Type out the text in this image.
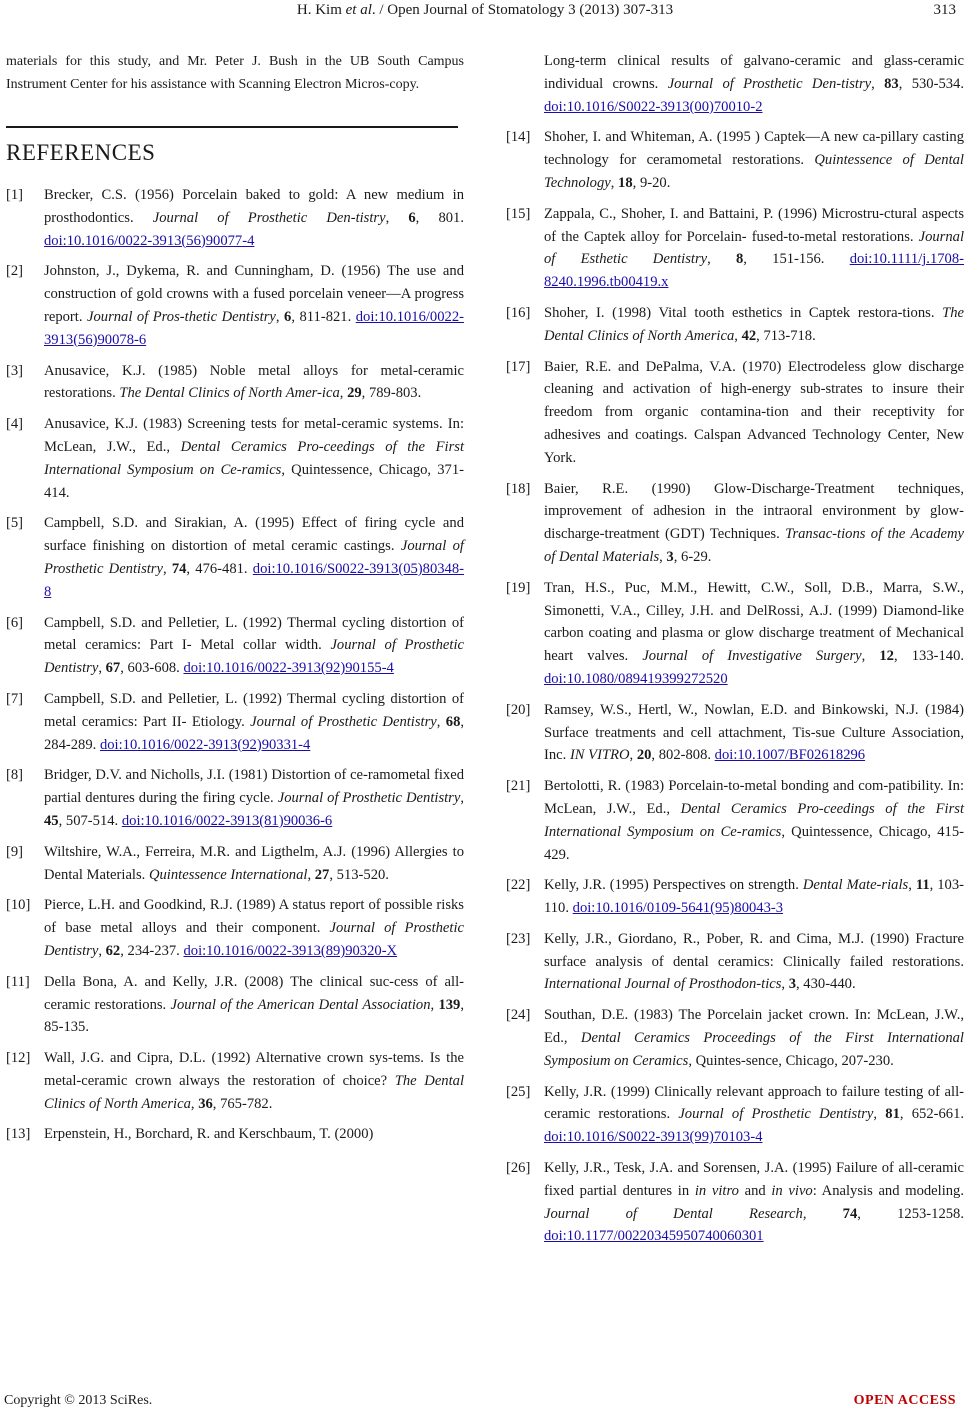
H. Kim et al. / Open Journal of Stomatology 3 (2013) 307-313	313

materials for this study, and Mr. Peter J. Bush in the UB South Campus Instrument Center for his assistance with Scanning Electron Micros-copy.

REFERENCES
[1]	Brecker, C.S. (1956) Porcelain baked to gold: A new medium in prosthodontics. Journal of Prosthetic Den-tistry, 6, 801. doi:10.1016/0022-3913(56)90077-4
[2]	Johnston, J., Dykema, R. and Cunningham, D. (1956) The use and construction of gold crowns with a fused porcelain veneer—A progress report. Journal of Pros-thetic Dentistry, 6, 811-821. doi:10.1016/0022-3913(56)90078-6
[3]	Anusavice, K.J. (1985) Noble metal alloys for metal-ceramic restorations. The Dental Clinics of North Amer-ica, 29, 789-803.
[4]	Anusavice, K.J. (1983) Screening tests for metal-ceramic systems. In: McLean, J.W., Ed., Dental Ceramics Pro-ceedings of the First International Symposium on Ce-ramics, Quintessence, Chicago, 371-414.
[5]	Campbell, S.D. and Sirakian, A. (1995) Effect of firing cycle and surface finishing on distortion of metal ceramic castings. Journal of Prosthetic Dentistry, 74, 476-481. doi:10.1016/S0022-3913(05)80348-8
[6]	Campbell, S.D. and Pelletier, L. (1992) Thermal cycling distortion of metal ceramics: Part I- Metal collar width. Journal of Prosthetic Dentistry, 67, 603-608. doi:10.1016/0022-3913(92)90155-4
[7]	Campbell, S.D. and Pelletier, L. (1992) Thermal cycling distortion of metal ceramics: Part II- Etiology. Journal of Prosthetic Dentistry, 68, 284-289. doi:10.1016/0022-3913(92)90331-4
[8]	Bridger, D.V. and Nicholls, J.I. (1981) Distortion of ce-ramometal fixed partial dentures during the firing cycle. Journal of Prosthetic Dentistry, 45, 507-514. doi:10.1016/0022-3913(81)90036-6
[9]	Wiltshire, W.A., Ferreira, M.R. and Ligthelm, A.J. (1996) Allergies to Dental Materials. Quintessence International, 27, 513-520.
[10] Pierce, L.H. and Goodkind, R.J. (1989) A status report of possible risks of base metal alloys and their component. Journal of Prosthetic Dentistry, 62, 234-237. doi:10.1016/0022-3913(89)90320-X
[11] Della Bona, A. and Kelly, J.R. (2008) The clinical suc-cess of all-ceramic restorations. Journal of the American Dental Association, 139, 85-135.
[12] Wall, J.G. and Cipra, D.L. (1992) Alternative crown sys-tems. Is the metal-ceramic crown always the restoration of choice? The Dental Clinics of North America, 36, 765-782.
[13] Erpenstein, H., Borchard, R. and Kerschbaum, T. (2000)
Long-term clinical results of galvano-ceramic and glass-ceramic individual crowns. Journal of Prosthetic Den-tistry, 83, 530-534. doi:10.1016/S0022-3913(00)70010-2
[14] Shoher, I. and Whiteman, A. (1995 ) Captek—A new ca-pillary casting technology for ceramometal restorations. Quintessence of Dental Technology, 18, 9-20.
[15] Zappala, C., Shoher, I. and Battaini, P. (1996) Microstru-ctural aspects of the Captek alloy for Porcelain- fused-to-metal restorations. Journal of Esthetic Dentistry, 8, 151-156. doi:10.1111/j.1708-8240.1996.tb00419.x
[16] Shoher, I. (1998) Vital tooth esthetics in Captek restora-tions. The Dental Clinics of North America, 42, 713-718.
[17] Baier, R.E. and DePalma, V.A. (1970) Electrodeless glow discharge cleaning and activation of high-energy sub-strates to insure their freedom from organic contamina-tion and their receptivity for adhesives and coatings. Calspan Advanced Technology Center, New York.
[18] Baier, R.E. (1990) Glow-Discharge-Treatment techniques, improvement of adhesion in the intraoral environment by glow-discharge-treatment (GDT) Techniques. Transac-tions of the Academy of Dental Materials, 3, 6-29.
[19] Tran, H.S., Puc, M.M., Hewitt, C.W., Soll, D.B., Marra, S.W., Simonetti, V.A., Cilley, J.H. and DelRossi, A.J. (1999) Diamond-like carbon coating and plasma or glow discharge treatment of Mechanical heart valves. Journal of Investigative Surgery, 12, 133-140. doi:10.1080/089419399272520
[20] Ramsey, W.S., Hertl, W., Nowlan, E.D. and Binkowski, N.J. (1984) Surface treatments and cell attachment, Tis-sue Culture Association, Inc. IN VITRO, 20, 802-808. doi:10.1007/BF02618296
[21] Bertolotti, R. (1983) Porcelain-to-metal bonding and com-patibility. In: McLean, J.W., Ed., Dental Ceramics Pro-ceedings of the First International Symposium on Ce-ramics, Quintessence, Chicago, 415-429.
[22] Kelly, J.R. (1995) Perspectives on strength. Dental Mate-rials, 11, 103-110. doi:10.1016/0109-5641(95)80043-3
[23] Kelly, J.R., Giordano, R., Pober, R. and Cima, M.J. (1990) Fracture surface analysis of dental ceramics: Clinically failed restorations. International Journal of Prosthodon-tics, 3, 430-440.
[24] Southan, D.E. (1983) The Porcelain jacket crown. In: McLean, J.W., Ed., Dental Ceramics Proceedings of the First International Symposium on Ceramics, Quintes-sence, Chicago, 207-230.
[25] Kelly, J.R. (1999) Clinically relevant approach to failure testing of all-ceramic restorations. Journal of Prosthetic Dentistry, 81, 652-661. doi:10.1016/S0022-3913(99)70103-4
[26] Kelly, J.R., Tesk, J.A. and Sorensen, J.A. (1995) Failure of all-ceramic fixed partial dentures in in vitro and in vivo: Analysis and modeling. Journal of Dental Research, 74, 1253-1258. doi:10.1177/00220345950740060301
Copyright © 2013 SciRes.	OPEN ACCESS
